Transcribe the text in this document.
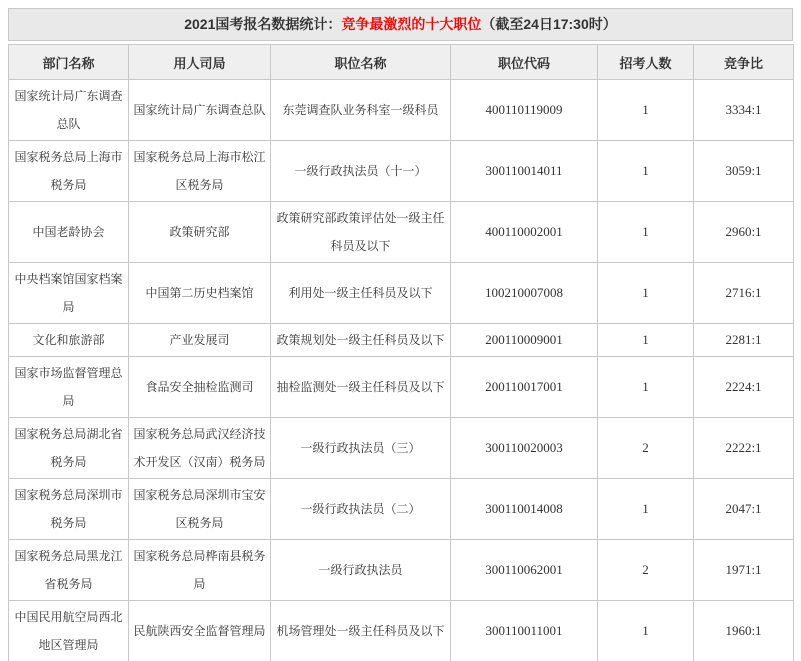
2021国考报名数据统计：竞争最激烈的十大职位（截至24日17:30时）
部门名称	用人司局	职位名称	职位代码	招考人数	竞争比
国家统计局广东调查总队	国家统计局广东调查总队	东莞调查队业务科室一级科员	400110119009	1	3334:1
国家税务总局上海市税务局	国家税务总局上海市松江区税务局	一级行政执法员（十一）	300110014011	1	3059:1
中国老龄协会	政策研究部	政策研究部政策评估处一级主任科员及以下	400110002001	1	2960:1
中央档案馆国家档案局	中国第二历史档案馆	利用处一级主任科员及以下	100210007008	1	2716:1
文化和旅游部	产业发展司	政策规划处一级主任科员及以下	200110009001	1	2281:1
国家市场监督管理总局	食品安全抽检监测司	抽检监测处一级主任科员及以下	200110017001	1	2224:1
国家税务总局湖北省税务局	国家税务总局武汉经济技术开发区（汉南）税务局	一级行政执法员（三）	300110020003	2	2222:1
国家税务总局深圳市税务局	国家税务总局深圳市宝安区税务局	一级行政执法员（二）	300110014008	1	2047:1
国家税务总局黑龙江省税务局	国家税务总局桦南县税务局	一级行政执法员	300110062001	2	1971:1
中国民用航空局西北地区管理局	民航陕西安全监督管理局	机场管理处一级主任科员及以下	300110011001	1	1960:1
